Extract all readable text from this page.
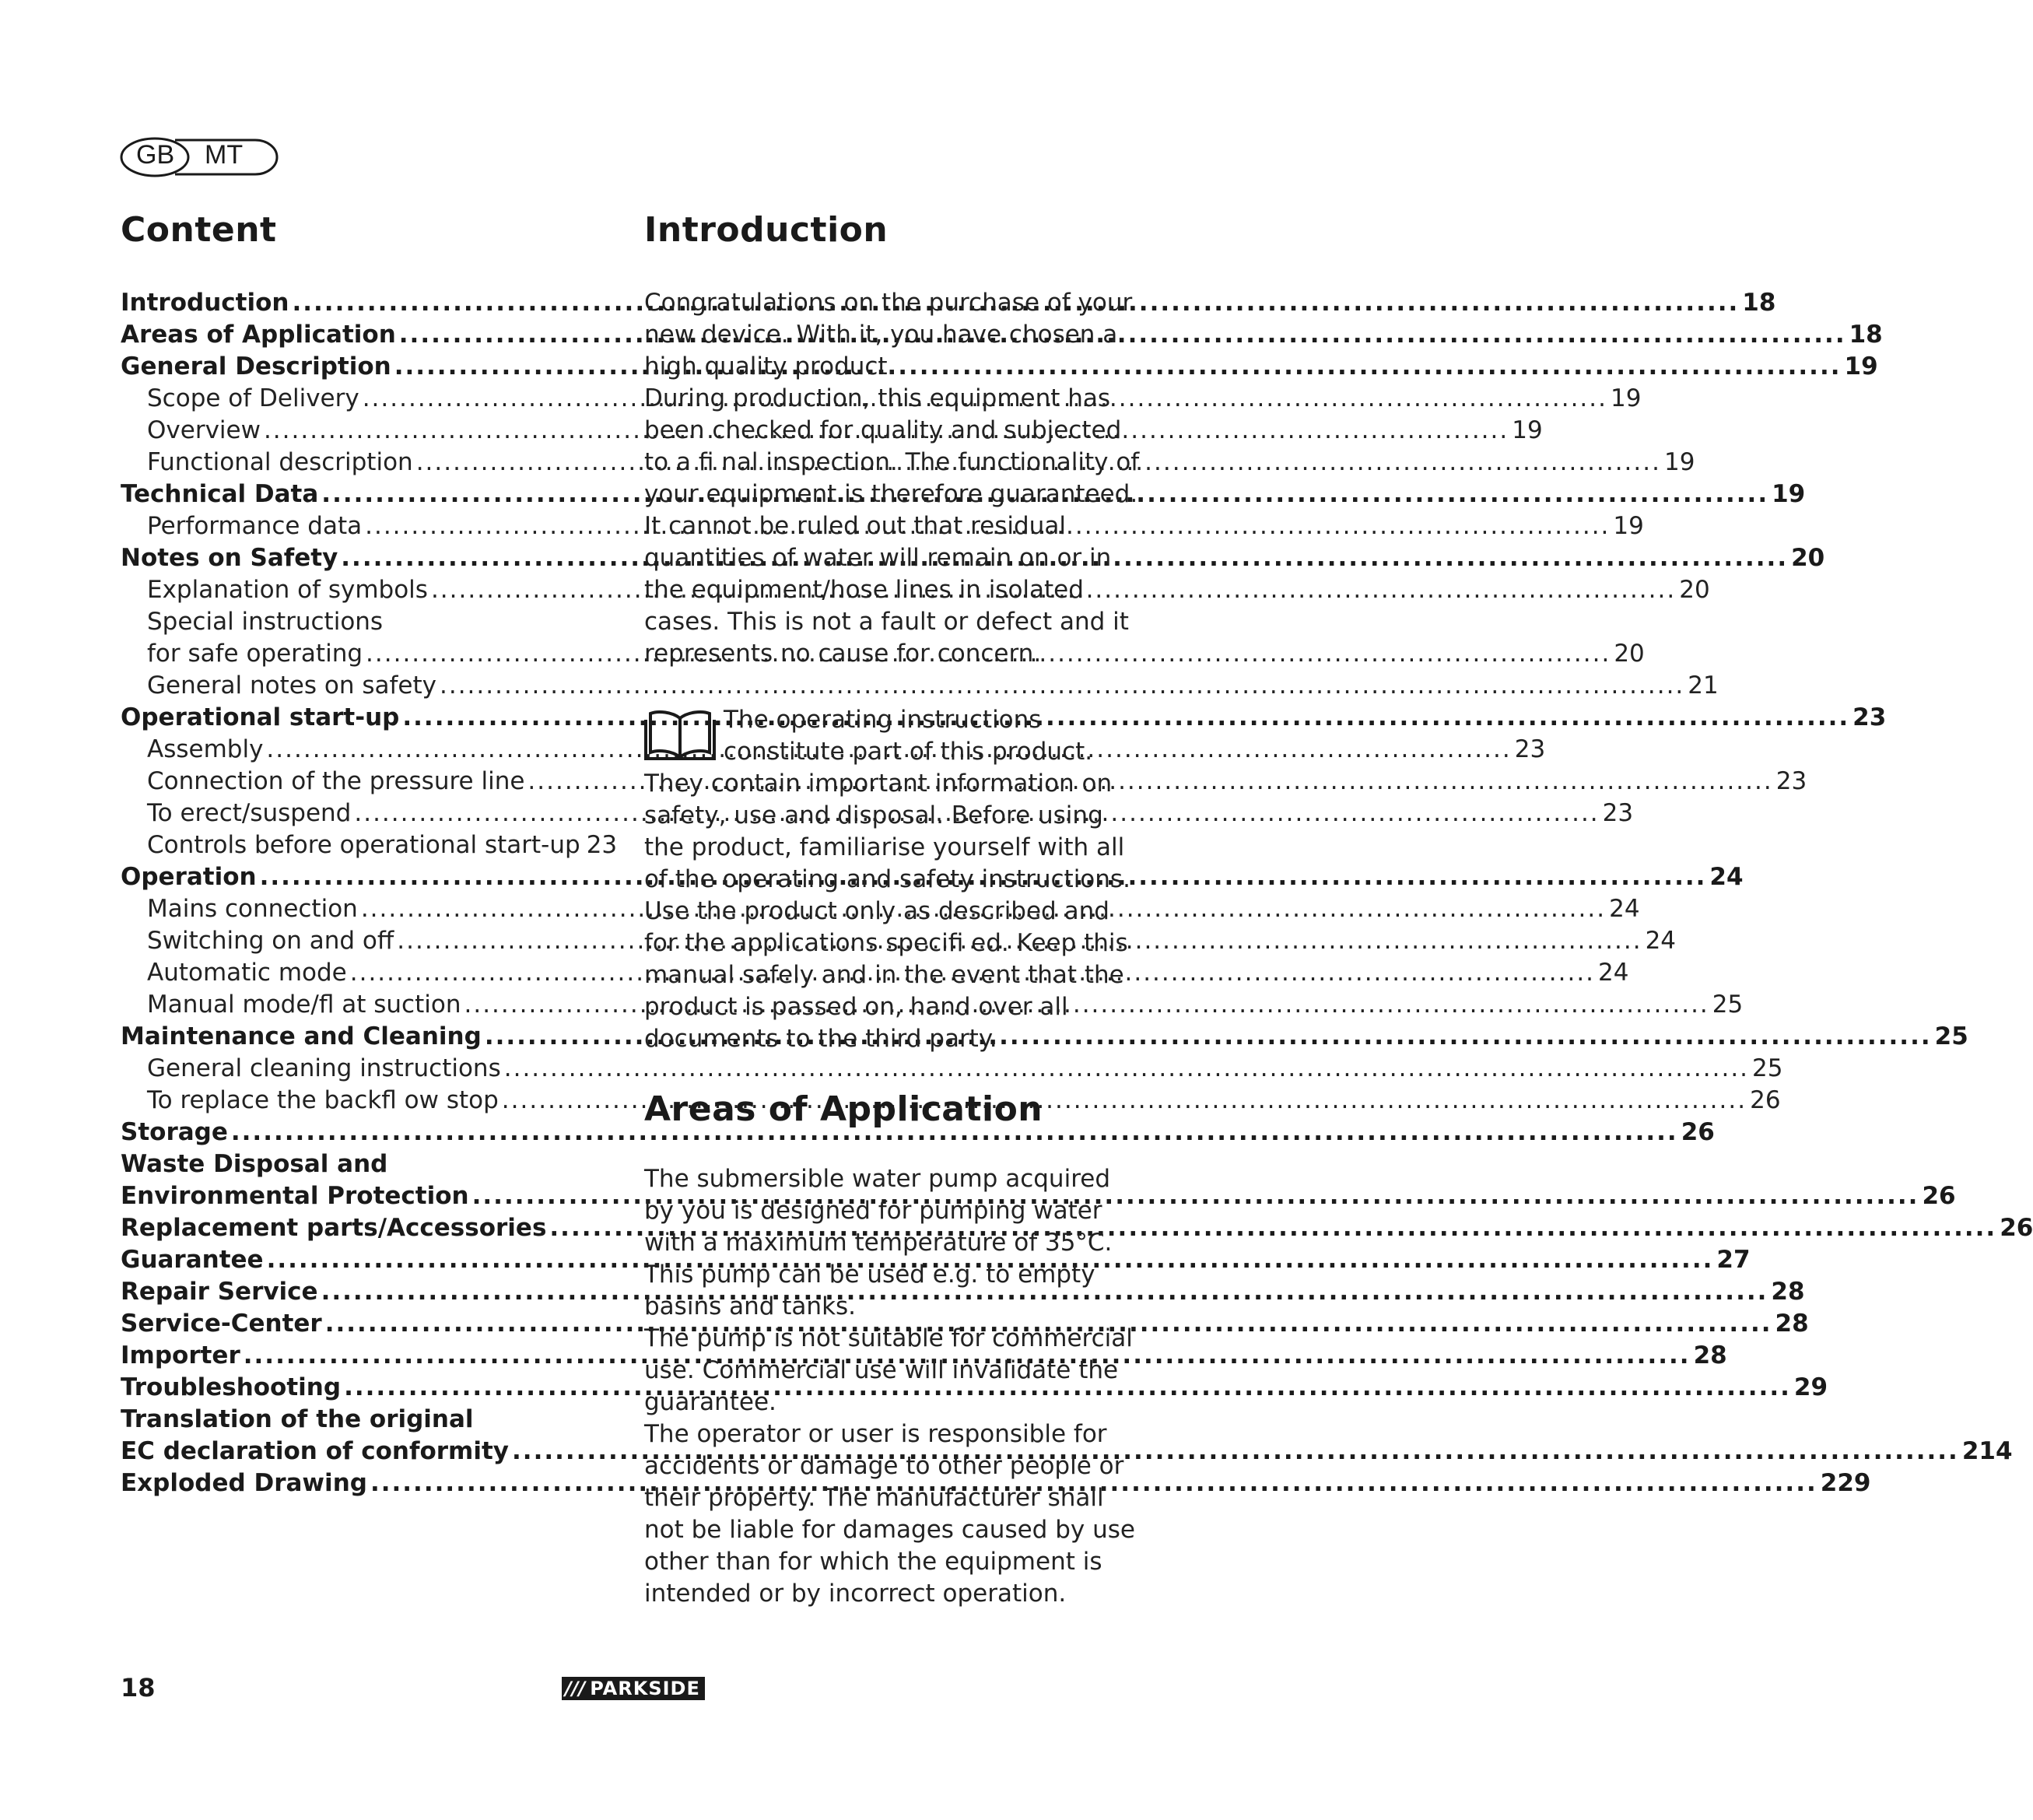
GB MT
Content
Introduction .....	18
Areas of Application .....	18
General Description .....	19
Scope of Delivery .....	19
Overview .....	19
Functional description .....	19
Technical Data .....	19
Performance data .....	19
Notes on Safety .....	20
Explanation of symbols .....	20
Special instructions
for safe operating .....	20
General notes on safety .....	21
Operational start-up .....	23
Assembly .....	23
Connection of the pressure line .....	23
To erect/suspend .....	23
Controls before operational start-up 23
Operation .....	24
Mains connection .....	24
Switching on and off .....	24
Automatic mode .....	24
Manual mode/fl at suction .....	25
Maintenance and Cleaning .....	25
General cleaning instructions .....	25
To replace the backfl ow stop .....	26
Storage .....	26
Waste Disposal and
Environmental Protection .....	26
Replacement parts/Accessories .....	26
Guarantee .....	27
Repair Service .....	28
Service-Center .....	28
Importer .....	28
Troubleshooting .....	29
Translation of the original
EC declaration of conformity .....	214
Exploded Drawing .....	229
Introduction

Congratulations on the purchase of your new device. With it, you have chosen a high quality product.

During production, this equipment has been checked for quality and subjected to a fi nal inspection. The functionality of your equipment is therefore guaranteed. It cannot be ruled out that residual quantities of water will remain on or in the equipment/hose lines in isolated cases. This is not a fault or defect and it represents no cause for concern.

The operating instructions constitute part of this product. They contain important information on safety, use and disposal. Before using the product, familiarise yourself with all of the operating and safety instructions. Use the product only as described and for the applications specifi ed. Keep this manual safely and in the event that the product is passed on, hand over all documents to the third party.

Areas of Application

The submersible water pump acquired by you is designed for pumping water with a maximum temperature of 35°C.

This pump can be used e.g. to empty basins and tanks.

The pump is not suitable for commercial use. Commercial use will invalidate the guarantee.

The operator or user is responsible for accidents or damage to other people or their property. The manufacturer shall not be liable for damages caused by use other than for which the equipment is intended or by incorrect operation.

18	/// PARKSIDE
